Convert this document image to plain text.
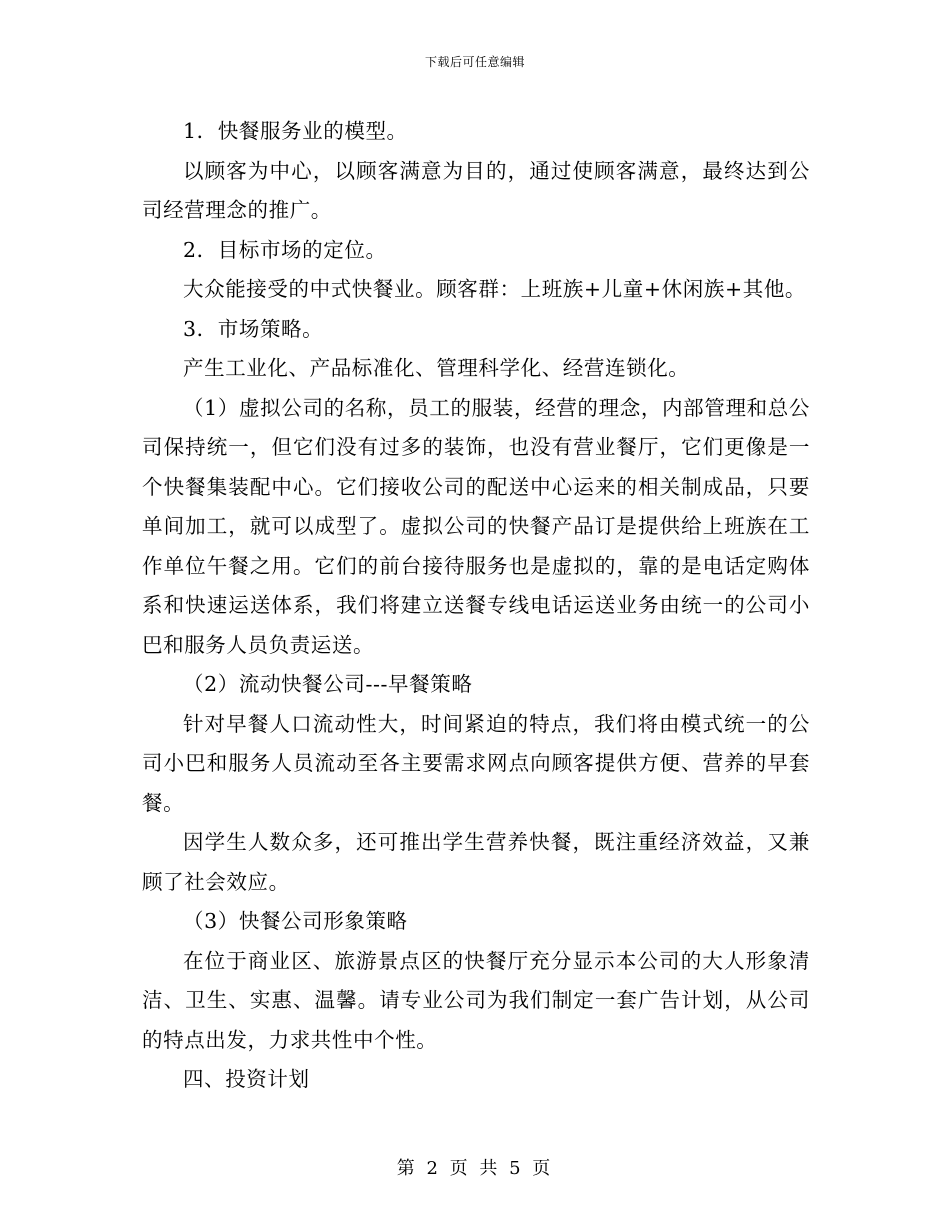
下载后可任意编辑

1．快餐服务业的模型。

以顾客为中心，以顾客满意为目的，通过使顾客满意，最终达到公司经营理念的推广。

2．目标市场的定位。

大众能接受的中式快餐业。顾客群：上班族+儿童+休闲族+其他。

3．市场策略。

产生工业化、产品标准化、管理科学化、经营连锁化。

（1）虚拟公司的名称，员工的服装，经营的理念，内部管理和总公司保持统一，但它们没有过多的装饰，也没有营业餐厅，它们更像是一个快餐集装配中心。它们接收公司的配送中心运来的相关制成品，只要单间加工，就可以成型了。虚拟公司的快餐产品订是提供给上班族在工作单位午餐之用。它们的前台接待服务也是虚拟的，靠的是电话定购体系和快速运送体系，我们将建立送餐专线电话运送业务由统一的公司小巴和服务人员负责运送。

（2）流动快餐公司---早餐策略

针对早餐人口流动性大，时间紧迫的特点，我们将由模式统一的公司小巴和服务人员流动至各主要需求网点向顾客提供方便、营养的早套餐。

因学生人数众多，还可推出学生营养快餐，既注重经济效益，又兼顾了社会效应。

（3）快餐公司形象策略

在位于商业区、旅游景点区的快餐厅充分显示本公司的大人形象清洁、卫生、实惠、温馨。请专业公司为我们制定一套广告计划，从公司的特点出发，力求共性中个性。

四、投资计划

第 2 页 共 5 页
